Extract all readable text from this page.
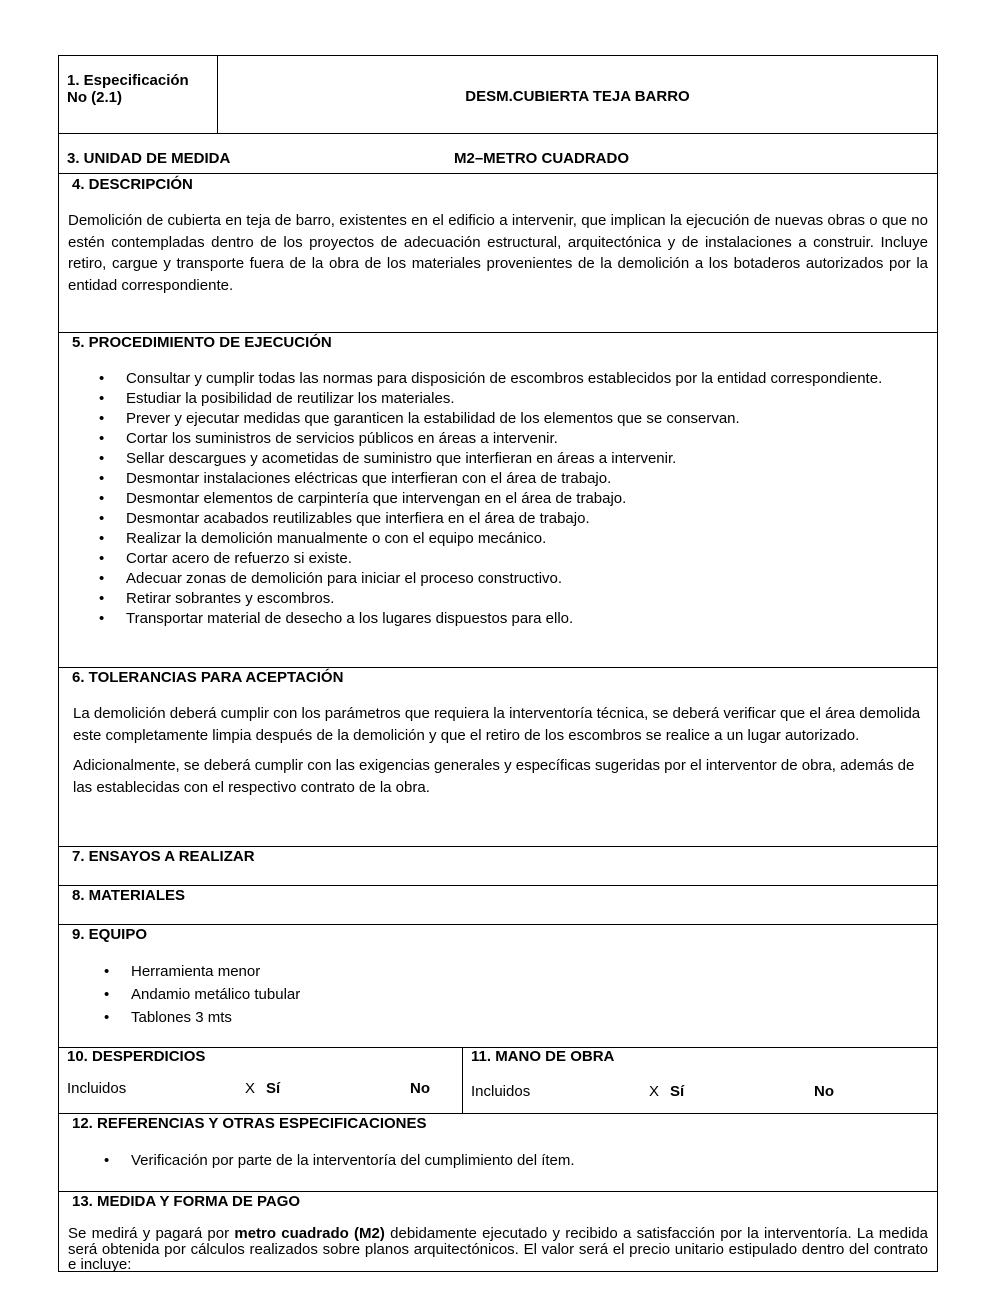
1. Especificación No (2.1)	DESM.CUBIERTA TEJA BARRO
3. UNIDAD DE MEDIDA	M2–METRO CUADRADO
4. DESCRIPCIÓN

Demolición de cubierta en teja de barro, existentes en el edificio a intervenir, que implican la ejecución de nuevas obras o que no estén contempladas dentro de los proyectos de adecuación estructural, arquitectónica y de instalaciones a construir. Incluye retiro, cargue y transporte fuera de la obra de los materiales provenientes de la demolición a los botaderos autorizados por la entidad correspondiente.

5. PROCEDIMIENTO DE EJECUCIÓN
• Consultar y cumplir todas las normas para disposición de escombros establecidos por la entidad correspondiente.
• Estudiar la posibilidad de reutilizar los materiales.
• Prever y ejecutar medidas que garanticen la estabilidad de los elementos que se conservan.
• Cortar los suministros de servicios públicos en áreas a intervenir.
• Sellar descargues y acometidas de suministro que interfieran en áreas a intervenir.
• Desmontar instalaciones eléctricas que interfieran con el área de trabajo.
• Desmontar elementos de carpintería que intervengan en el área de trabajo.
• Desmontar acabados reutilizables que interfiera en el área de trabajo.
• Realizar la demolición manualmente o con el equipo mecánico.
• Cortar acero de refuerzo si existe.
• Adecuar zonas de demolición para iniciar el proceso constructivo.
• Retirar sobrantes y escombros.
• Transportar material de desecho a los lugares dispuestos para ello.
6. TOLERANCIAS PARA ACEPTACIÓN

La demolición deberá cumplir con los parámetros que requiera la interventoría técnica, se deberá verificar que el área demolida este completamente limpia después de la demolición y que el retiro de los escombros se realice a un lugar autorizado.

Adicionalmente, se deberá cumplir con las exigencias generales y específicas sugeridas por el interventor de obra, además de las establecidas con el respectivo contrato de la obra.

7. ENSAYOS A REALIZAR
8. MATERIALES
9. EQUIPO
• Herramienta menor
• Andamio metálico tubular
• Tablones 3 mts
10. DESPERDICIOS
Incluidos	X Sí	No
11. MANO DE OBRA
Incluidos	X Sí	No
12. REFERENCIAS Y OTRAS ESPECIFICACIONES
• Verificación por parte de la interventoría del cumplimiento del ítem.
13. MEDIDA Y FORMA DE PAGO

Se medirá y pagará por metro cuadrado (M2) debidamente ejecutado y recibido a satisfacción por la interventoría. La medida será obtenida por cálculos realizados sobre planos arquitectónicos. El valor será el precio unitario estipulado dentro del contrato e incluye:
